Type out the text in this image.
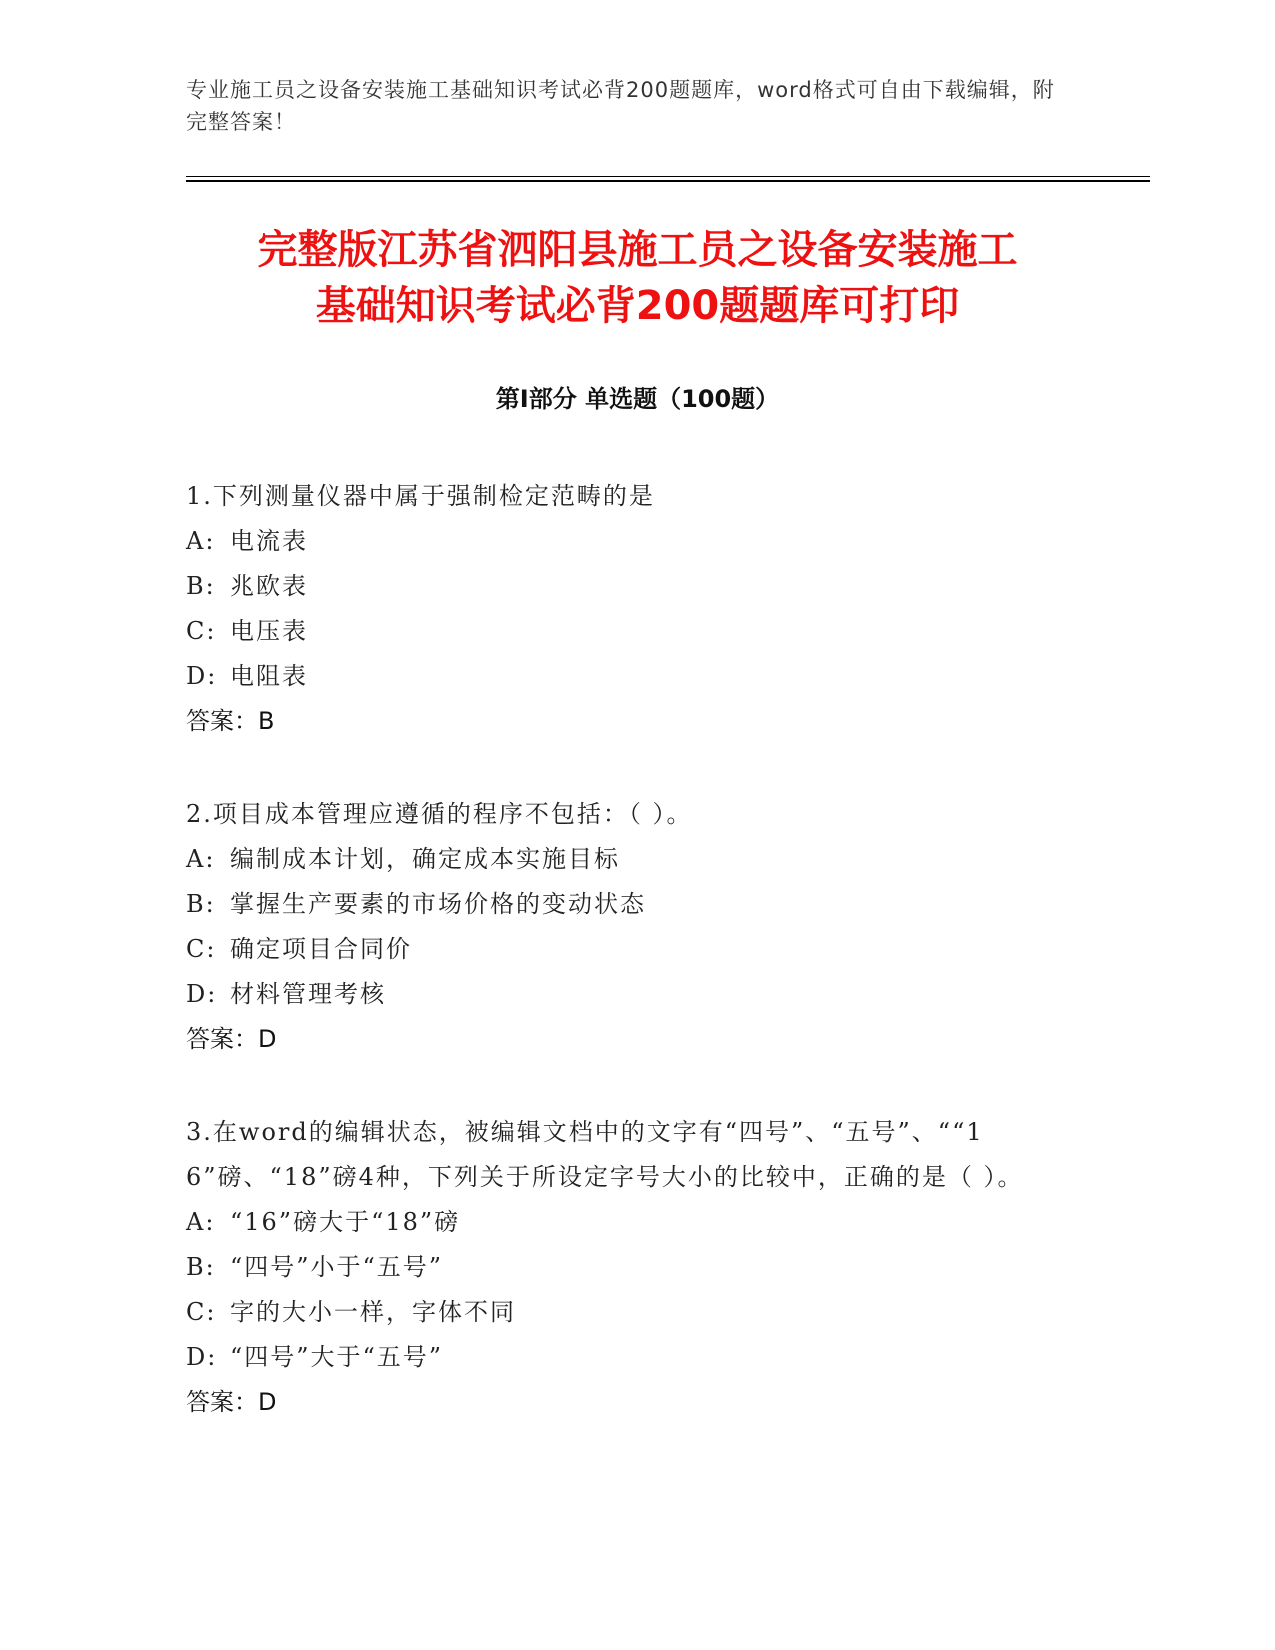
专业施工员之设备安装施工基础知识考试必背200题题库，word格式可自由下载编辑，附完整答案！
完整版江苏省泗阳县施工员之设备安装施工
基础知识考试必背200题题库可打印
第Ⅰ部分 单选题（100题）
1.下列测量仪器中属于强制检定范畴的是
A: 电流表
B: 兆欧表
C: 电压表
D: 电阻表
答案：B
2.项目成本管理应遵循的程序不包括：（ ）。
A: 编制成本计划，确定成本实施目标
B: 掌握生产要素的市场价格的变动状态
C: 确定项目合同价
D: 材料管理考核
答案：D
3.在word的编辑状态，被编辑文档中的文字有“四号”、“五号”、““16”磅、“18”磅4种，下列关于所设定字号大小的比较中，正确的是（ ）。
A: “16”磅大于“18”磅
B: “四号”小于“五号”
C: 字的大小一样，字体不同
D: “四号”大于“五号”
答案：D
